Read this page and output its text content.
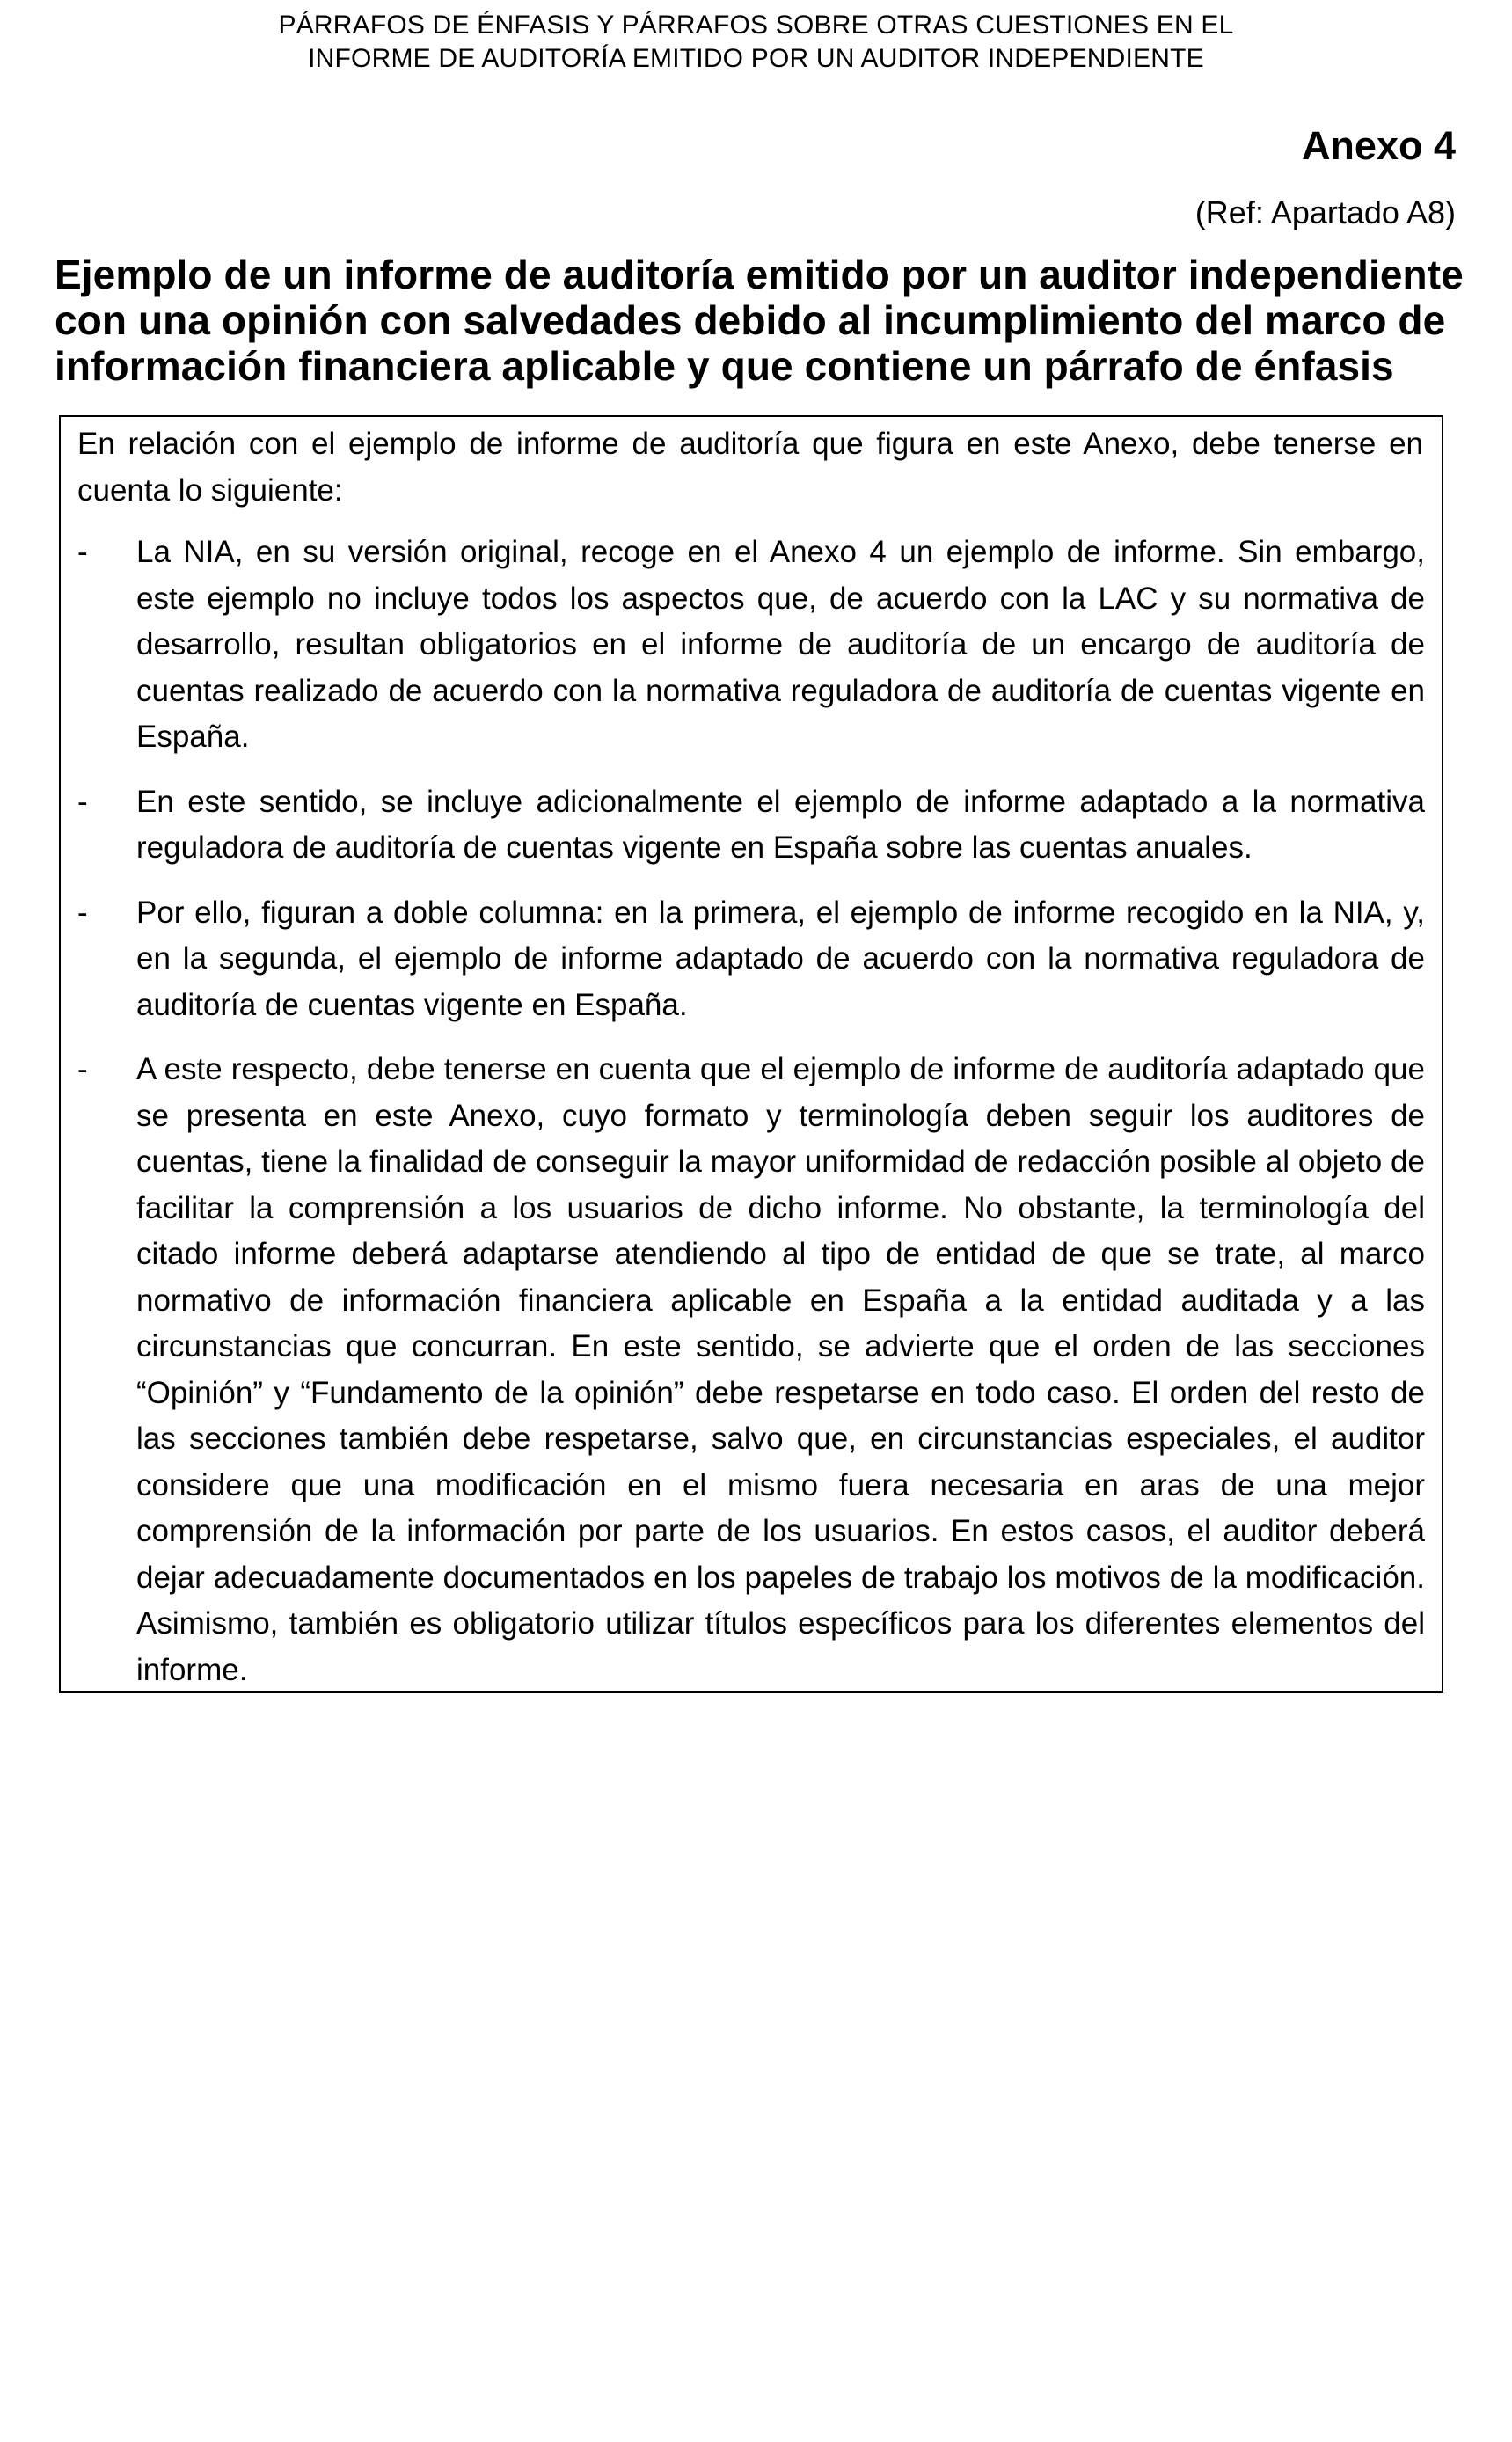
PÁRRAFOS DE ÉNFASIS Y PÁRRAFOS SOBRE OTRAS CUESTIONES EN EL
INFORME DE AUDITORÍA EMITIDO POR UN AUDITOR INDEPENDIENTE
Anexo 4
(Ref: Apartado A8)
Ejemplo de un informe de auditoría emitido por un auditor independiente
con una opinión con salvedades debido al incumplimiento del marco de
información financiera aplicable y que contiene un párrafo de énfasis
En relación con el ejemplo de informe de auditoría que figura en este Anexo, debe tenerse en cuenta lo siguiente:
- La NIA, en su versión original, recoge en el Anexo 4 un ejemplo de informe. Sin embargo, este ejemplo no incluye todos los aspectos que, de acuerdo con la LAC y su normativa de desarrollo, resultan obligatorios en el informe de auditoría de un encargo de auditoría de cuentas realizado de acuerdo con la normativa reguladora de auditoría de cuentas vigente en España.
- En este sentido, se incluye adicionalmente el ejemplo de informe adaptado a la normativa reguladora de auditoría de cuentas vigente en España sobre las cuentas anuales.
- Por ello, figuran a doble columna: en la primera, el ejemplo de informe recogido en la NIA, y, en la segunda, el ejemplo de informe adaptado de acuerdo con la normativa reguladora de auditoría de cuentas vigente en España.
- A este respecto, debe tenerse en cuenta que el ejemplo de informe de auditoría adaptado que se presenta en este Anexo, cuyo formato y terminología deben seguir los auditores de cuentas, tiene la finalidad de conseguir la mayor uniformidad de redacción posible al objeto de facilitar la comprensión a los usuarios de dicho informe. No obstante, la terminología del citado informe deberá adaptarse atendiendo al tipo de entidad de que se trate, al marco normativo de información financiera aplicable en España a la entidad auditada y a las circunstancias que concurran. En este sentido, se advierte que el orden de las secciones “Opinión” y “Fundamento de la opinión” debe respetarse en todo caso. El orden del resto de las secciones también debe respetarse, salvo que, en circunstancias especiales, el auditor considere que una modificación en el mismo fuera necesaria en aras de una mejor comprensión de la información por parte de los usuarios. En estos casos, el auditor deberá dejar adecuadamente documentados en los papeles de trabajo los motivos de la modificación. Asimismo, también es obligatorio utilizar títulos específicos para los diferentes elementos del informe.
